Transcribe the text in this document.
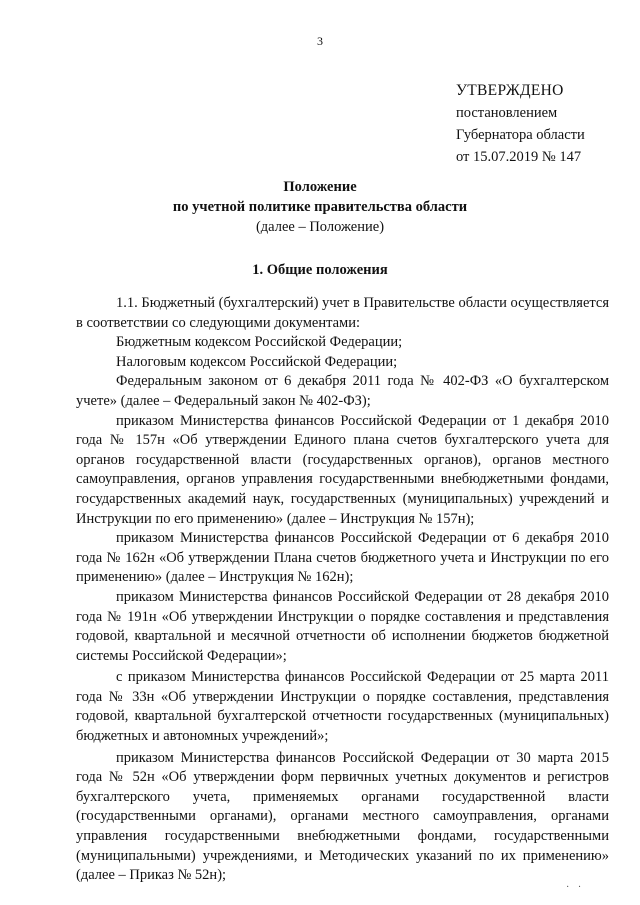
3
УТВЕРЖДЕНО
постановлением
Губернатора области
от 15.07.2019 № 147
Положение
по учетной политике правительства области
(далее – Положение)
1. Общие положения

1.1. Бюджетный (бухгалтерский) учет в Правительстве области осуществляется в соответствии со следующими документами:

Бюджетным кодексом Российской Федерации;

Налоговым кодексом Российской Федерации;

Федеральным законом от 6 декабря 2011 года № 402-ФЗ «О бухгалтерском учете» (далее – Федеральный закон № 402-ФЗ);

приказом Министерства финансов Российской Федерации от 1 декабря 2010 года № 157н «Об утверждении Единого плана счетов бухгалтерского учета для органов государственной власти (государственных органов), органов местного самоуправления, органов управления государственными внебюджетными фондами, государственных академий наук, государственных (муниципальных) учреждений и Инструкции по его применению» (далее – Инструкция № 157н);

приказом Министерства финансов Российской Федерации от 6 декабря 2010 года № 162н «Об утверждении Плана счетов бюджетного учета и Инструкции по его применению» (далее – Инструкция № 162н);

приказом Министерства финансов Российской Федерации от 28 декабря 2010 года № 191н «Об утверждении Инструкции о порядке составления и представления годовой, квартальной и месячной отчетности об исполнении бюджетов бюджетной системы Российской Федерации»;

с приказом Министерства финансов Российской Федерации от 25 марта 2011 года № 33н «Об утверждении Инструкции о порядке составления, представления годовой, квартальной бухгалтерской отчетности государственных (муниципальных) бюджетных и автономных учреждений»;

приказом Министерства финансов Российской Федерации от 30 марта 2015 года № 52н «Об утверждении форм первичных учетных документов и регистров бухгалтерского учета, применяемых органами государственной власти (государственными органами), органами местного самоуправления, органами управления государственными внебюджетными фондами, государственными (муниципальными) учреждениями, и Методических указаний по их применению» (далее – Приказ № 52н);

· ·
